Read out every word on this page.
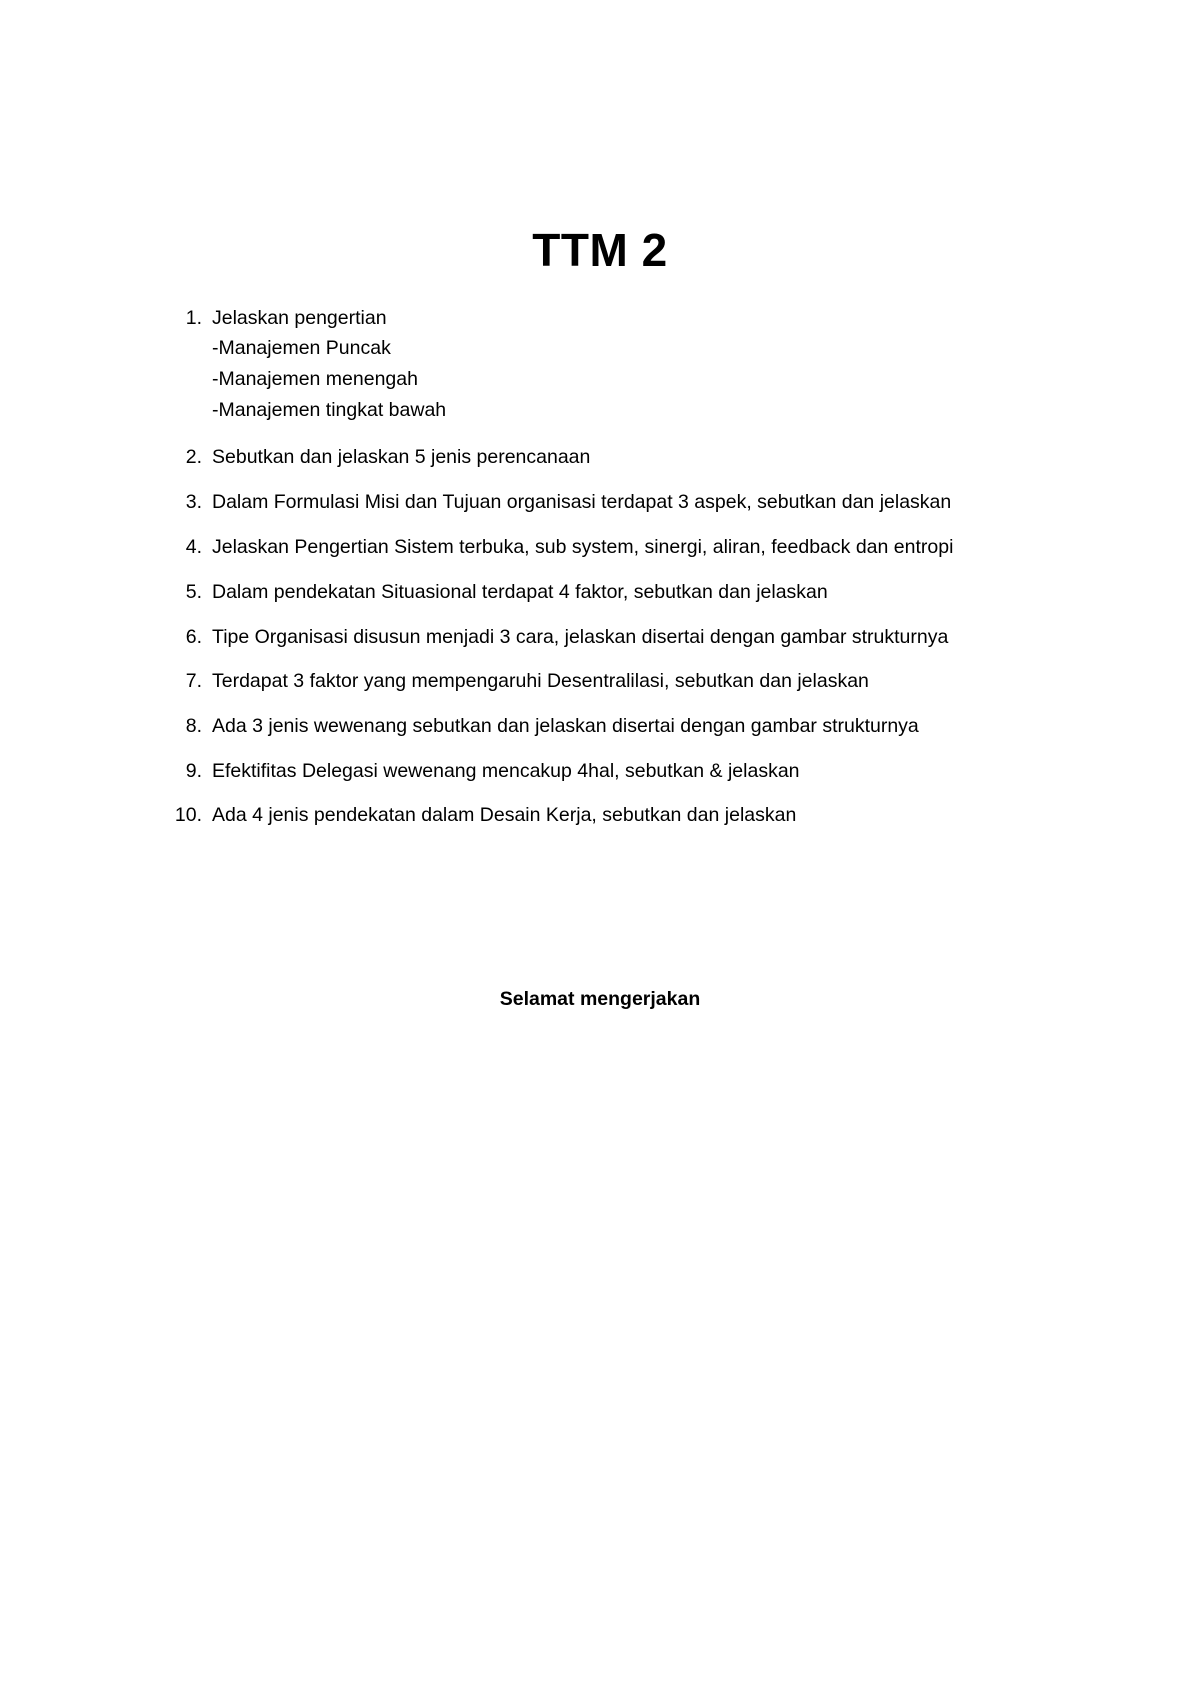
TTM 2
1. Jelaskan pengertian
-Manajemen Puncak
-Manajemen menengah
-Manajemen tingkat bawah
2. Sebutkan dan jelaskan 5 jenis perencanaan
3. Dalam Formulasi Misi dan Tujuan organisasi terdapat 3 aspek, sebutkan dan jelaskan
4. Jelaskan Pengertian Sistem terbuka, sub system, sinergi, aliran, feedback dan entropi
5. Dalam pendekatan Situasional terdapat 4 faktor, sebutkan dan jelaskan
6. Tipe Organisasi disusun menjadi 3 cara, jelaskan disertai dengan gambar strukturnya
7. Terdapat 3 faktor yang mempengaruhi Desentralilasi, sebutkan dan jelaskan
8. Ada 3 jenis wewenang sebutkan dan jelaskan disertai dengan gambar strukturnya
9. Efektifitas Delegasi wewenang mencakup 4hal, sebutkan & jelaskan
10. Ada 4 jenis pendekatan dalam Desain Kerja, sebutkan dan jelaskan
Selamat mengerjakan
